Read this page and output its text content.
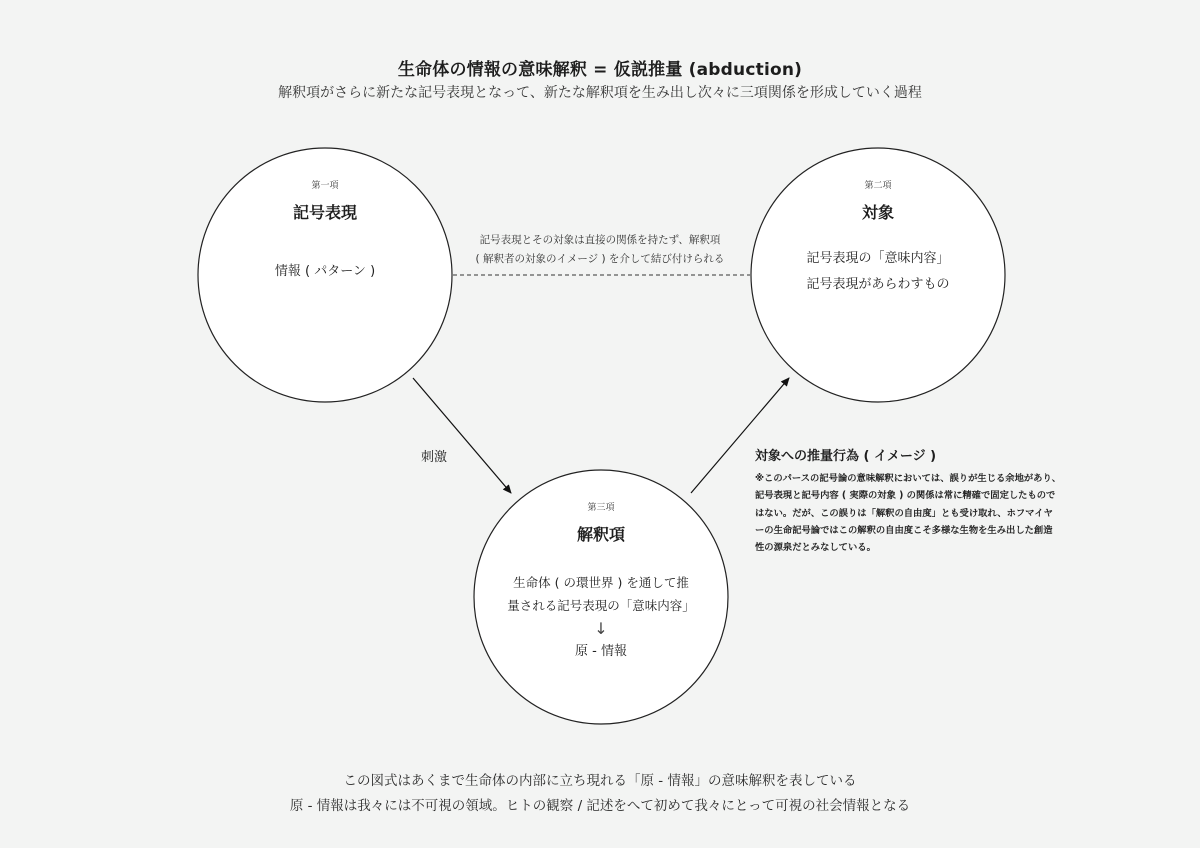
生命体の情報の意味解釈 = 仮説推量 (abduction)
解釈項がさらに新たな記号表現となって、新たな解釈項を生み出し次々に三項関係を形成していく過程
第一項
記号表現
情報 ( パターン )
第二項
対象
記号表現の「意味内容」
記号表現があらわすもの
第三項
解釈項
生命体 ( の環世界 ) を通して推
量される記号表現の「意味内容」
↓
原 - 情報
記号表現とその対象は直接の関係を持たず、解釈項
( 解釈者の対象のイメージ ) を介して結び付けられる
刺激	対象への推量行為 ( イメージ )
※このパースの記号論の意味解釈においては、誤りが生じる余地があり、
記号表現と記号内容 ( 実際の対象 ) の関係は常に精確で固定したもので
はない。だが、この誤りは「解釈の自由度」とも受け取れ、ホフマイヤ
ーの生命記号論ではこの解釈の自由度こそ多様な生物を生み出した創造
性の源泉だとみなしている。
この図式はあくまで生命体の内部に立ち現れる「原 - 情報」の意味解釈を表している
原 - 情報は我々には不可視の領域。ヒトの観察 / 記述をへて初めて我々にとって可視の社会情報となる
